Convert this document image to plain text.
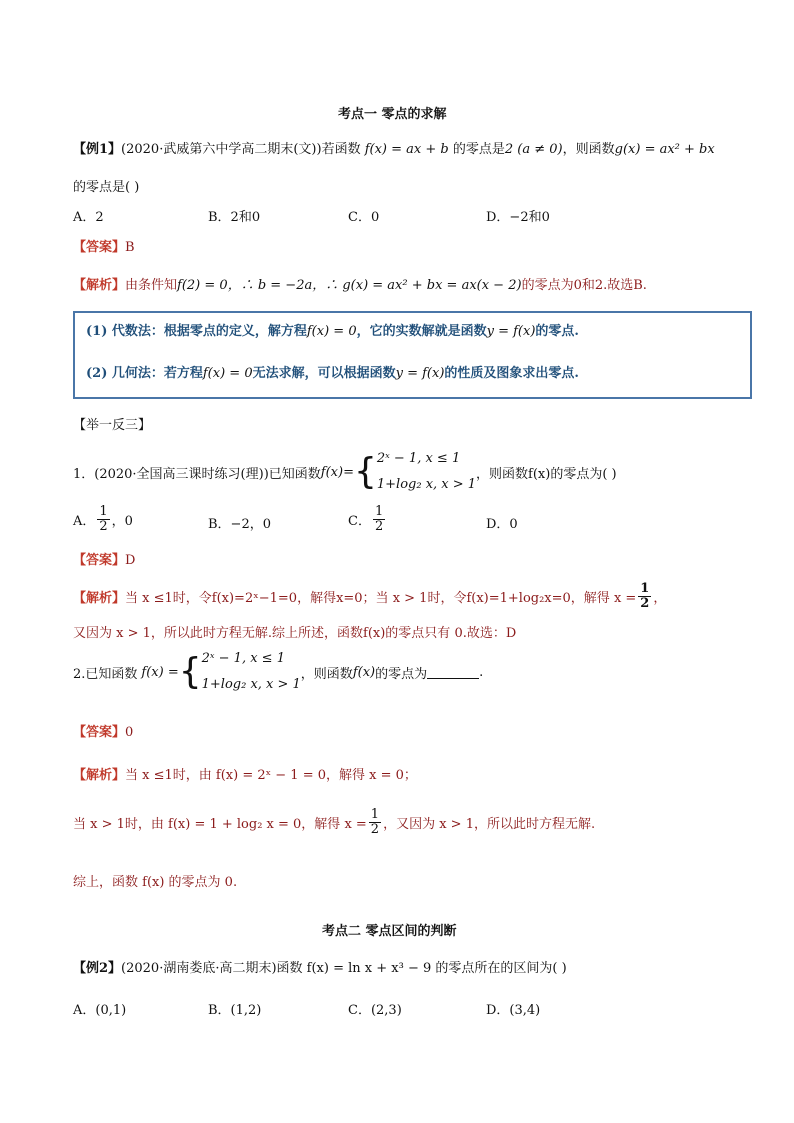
考点一 零点的求解
【例1】(2020·武威第六中学高二期末(文))若函数 f(x) = ax + b 的零点是2 (a ≠ 0)，则函数g(x) = ax² + bx
的零点是( )
A．2	B．2和0	C．0	D．−2和0
【答案】B
【解析】由条件知f(2) = 0，∴ b = −2a，∴ g(x) = ax² + bx = ax(x − 2)的零点为0和2.故选B.
(1) 代数法：根据零点的定义，解方程f(x) = 0，它的实数解就是函数y = f(x)的零点.
(2) 几何法：若方程f(x) = 0无法求解，可以根据函数y = f(x)的性质及图象求出零点.
【举一反三】
1．(2020·全国高三课时练习(理))已知函数 f(x)= { 2ˣ − 1, x ≤ 1
1+log₂ x, x > 1
，则函数f(x)的零点为( )
A． $\frac{1}{2}$ ，0	B．−2，0	C． $\frac{1}{2}$	D．0
【答案】D
【解析】 当 x ≤1时，令f(x)=2ˣ−1=0，解得x=0；当 x > 1时，令f(x)=1+log₂x=0，解得 $x = \frac{1}{2}$ ，
又因为 x > 1，所以此时方程无解.综上所述，函数f(x)的零点只有 0.故选：D
2.已知函数 f(x) = { 2ˣ − 1, x ≤ 1
1+log₂ x, x > 1
，则函数 f(x) 的零点为	.
【答案】0
【解析】当 x ≤1时，由 f(x) = 2ˣ − 1 = 0，解得 x = 0；
当 x > 1时，由 f(x) = 1 + log₂ x = 0，解得 $x = \frac{1}{2}$ ，又因为 x > 1，所以此时方程无解.
综上，函数 f(x) 的零点为 0.
考点二 零点区间的判断
【例2】(2020·湖南娄底·高二期末)函数 f(x) = ln x + x³ − 9 的零点所在的区间为( )
A．(0,1)	B．(1,2)	C．(2,3)	D．(3,4)
